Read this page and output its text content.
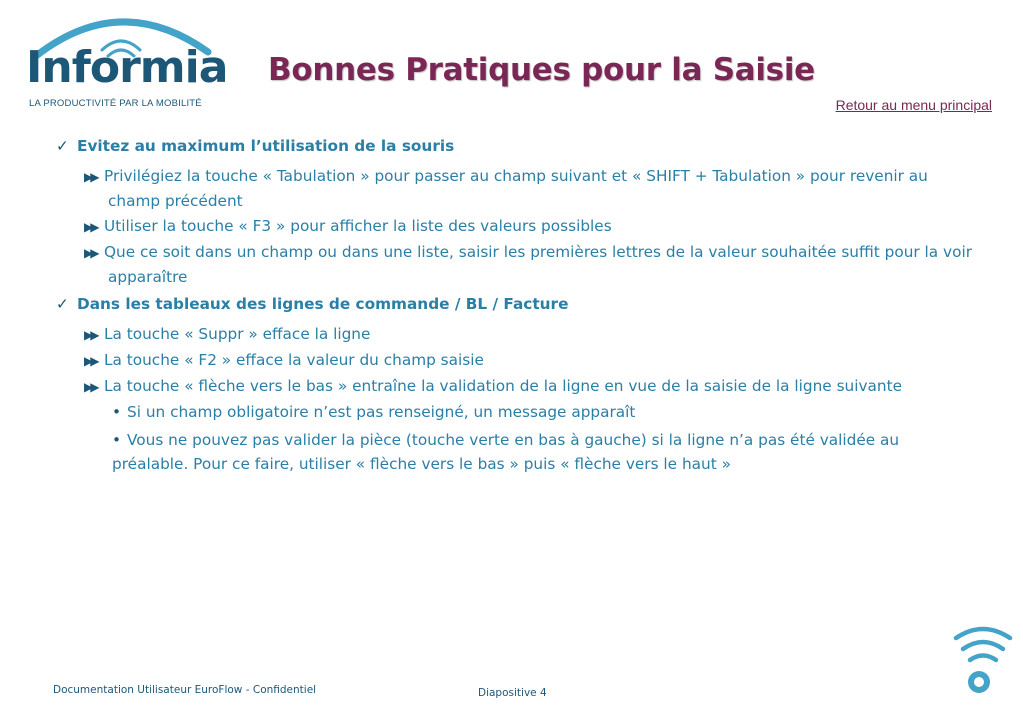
Informia
LA PRODUCTIVITÉ PAR LA MOBILITÉ
Bonnes Pratiques pour la Saisie
Retour au menu principal
✓ Evitez au maximum l’utilisation de la souris
▶▶ Privilégiez la touche « Tabulation » pour passer au champ suivant et « SHIFT + Tabulation » pour revenir au champ précédent
▶▶ Utiliser la touche « F3 » pour afficher la liste des valeurs possibles
▶▶ Que ce soit dans un champ ou dans une liste, saisir les premières lettres de la valeur souhaitée suffit pour la voir apparaître
✓ Dans les tableaux des lignes de commande / BL / Facture
▶▶ La touche « Suppr » efface la ligne
▶▶ La touche « F2 » efface la valeur du champ saisie
▶▶ La touche « flèche vers le bas » entraîne la validation de la ligne en vue de la saisie de la ligne suivante
• Si un champ obligatoire n’est pas renseigné, un message apparaît
• Vous ne pouvez pas valider la pièce (touche verte en bas à gauche) si la ligne n’a pas été validée au préalable. Pour ce faire, utiliser « flèche vers le bas » puis « flèche vers le haut »
Documentation Utilisateur EuroFlow - Confidentiel	Diapositive 4
